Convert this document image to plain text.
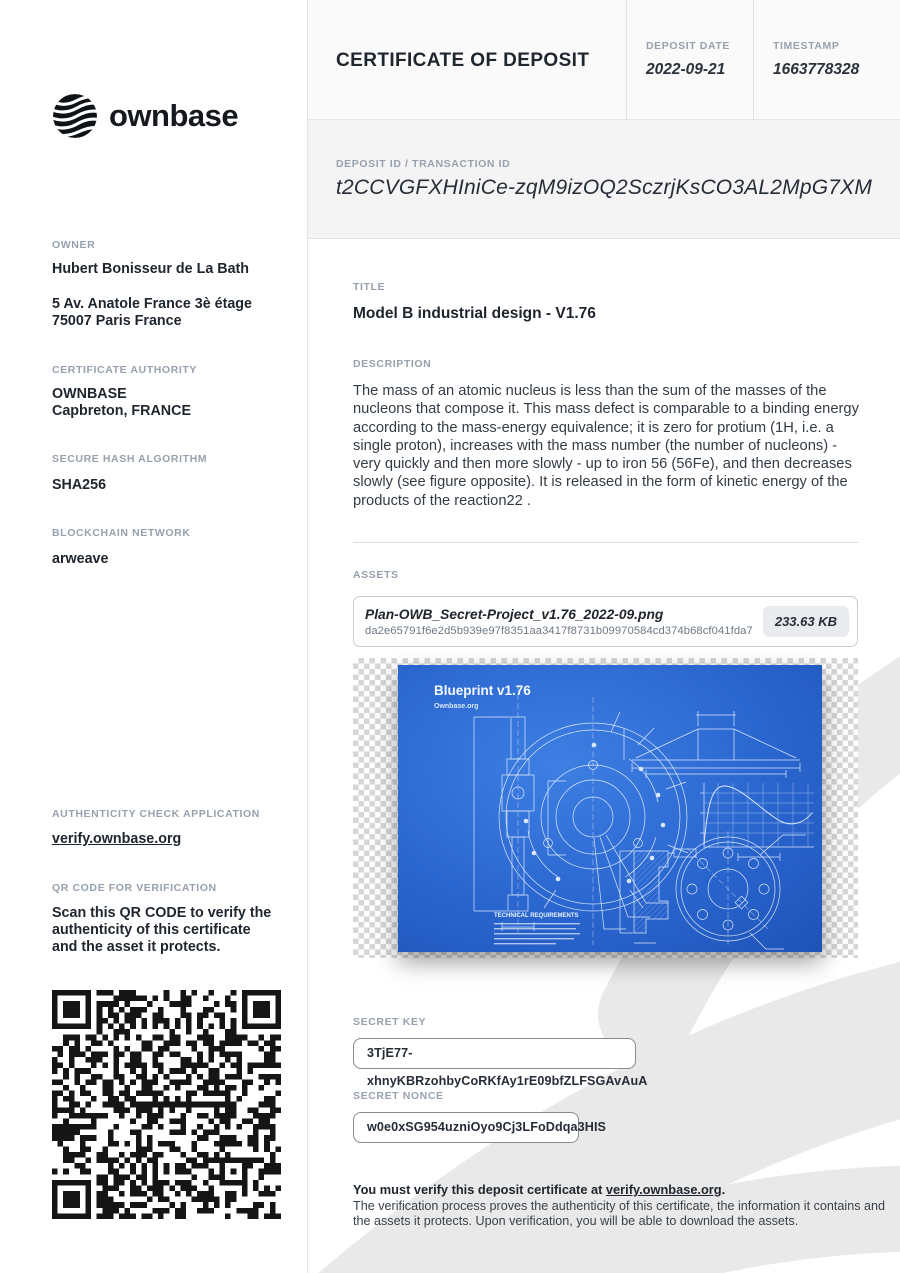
ownbase
OWNER
Hubert Bonisseur de La Bath
5 Av. Anatole France 3è étage
75007 Paris France
CERTIFICATE AUTHORITY
OWNBASE
Capbreton, FRANCE
SECURE HASH ALGORITHM
SHA256
BLOCKCHAIN NETWORK
arweave
AUTHENTICITY CHECK APPLICATION
verify.ownbase.org
QR CODE FOR VERIFICATION
Scan this QR CODE to verify the authenticity of this certificate and the asset it protects.
CERTIFICATE OF DEPOSIT
DEPOSIT DATE
2022-09-21
TIMESTAMP
1663778328
DEPOSIT ID / TRANSACTION ID
t2CCVGFXHIniCe-zqM9izOQ2SczrjKsCO3AL2MpG7XM
TITLE
Model B industrial design - V1.76
DESCRIPTION
The mass of an atomic nucleus is less than the sum of the masses of the nucleons that compose it. This mass defect is comparable to a binding energy according to the mass-energy equivalence; it is zero for protium (1H, i.e. a single proton), increases with the mass number (the number of nucleons) - very quickly and then more slowly - up to iron 56 (56Fe), and then decreases slowly (see figure opposite). It is released in the form of kinetic energy of the products of the reaction22 .
ASSETS
Plan-OWB_Secret-Project_v1.76_2022-09.png
da2e65791f6e2d5b939e97f8351aa3417f8731b09970584cd374b68cf041fda7
233.63 KB
Blueprint v1.76
Ownbase.org
TECHNICAL REQUIREMENTS
SECRET KEY
3TjE77-xhnyKBRzohbyCoRKfAy1rE09bfZLFSGAvAuA
SECRET NONCE
w0e0xSG954uzniOyo9Cj3LFoDdqa3HIS
You must verify this deposit certificate at verify.ownbase.org.
The verification process proves the authenticity of this certificate, the information it contains and the assets it protects. Upon verification, you will be able to download the assets.
